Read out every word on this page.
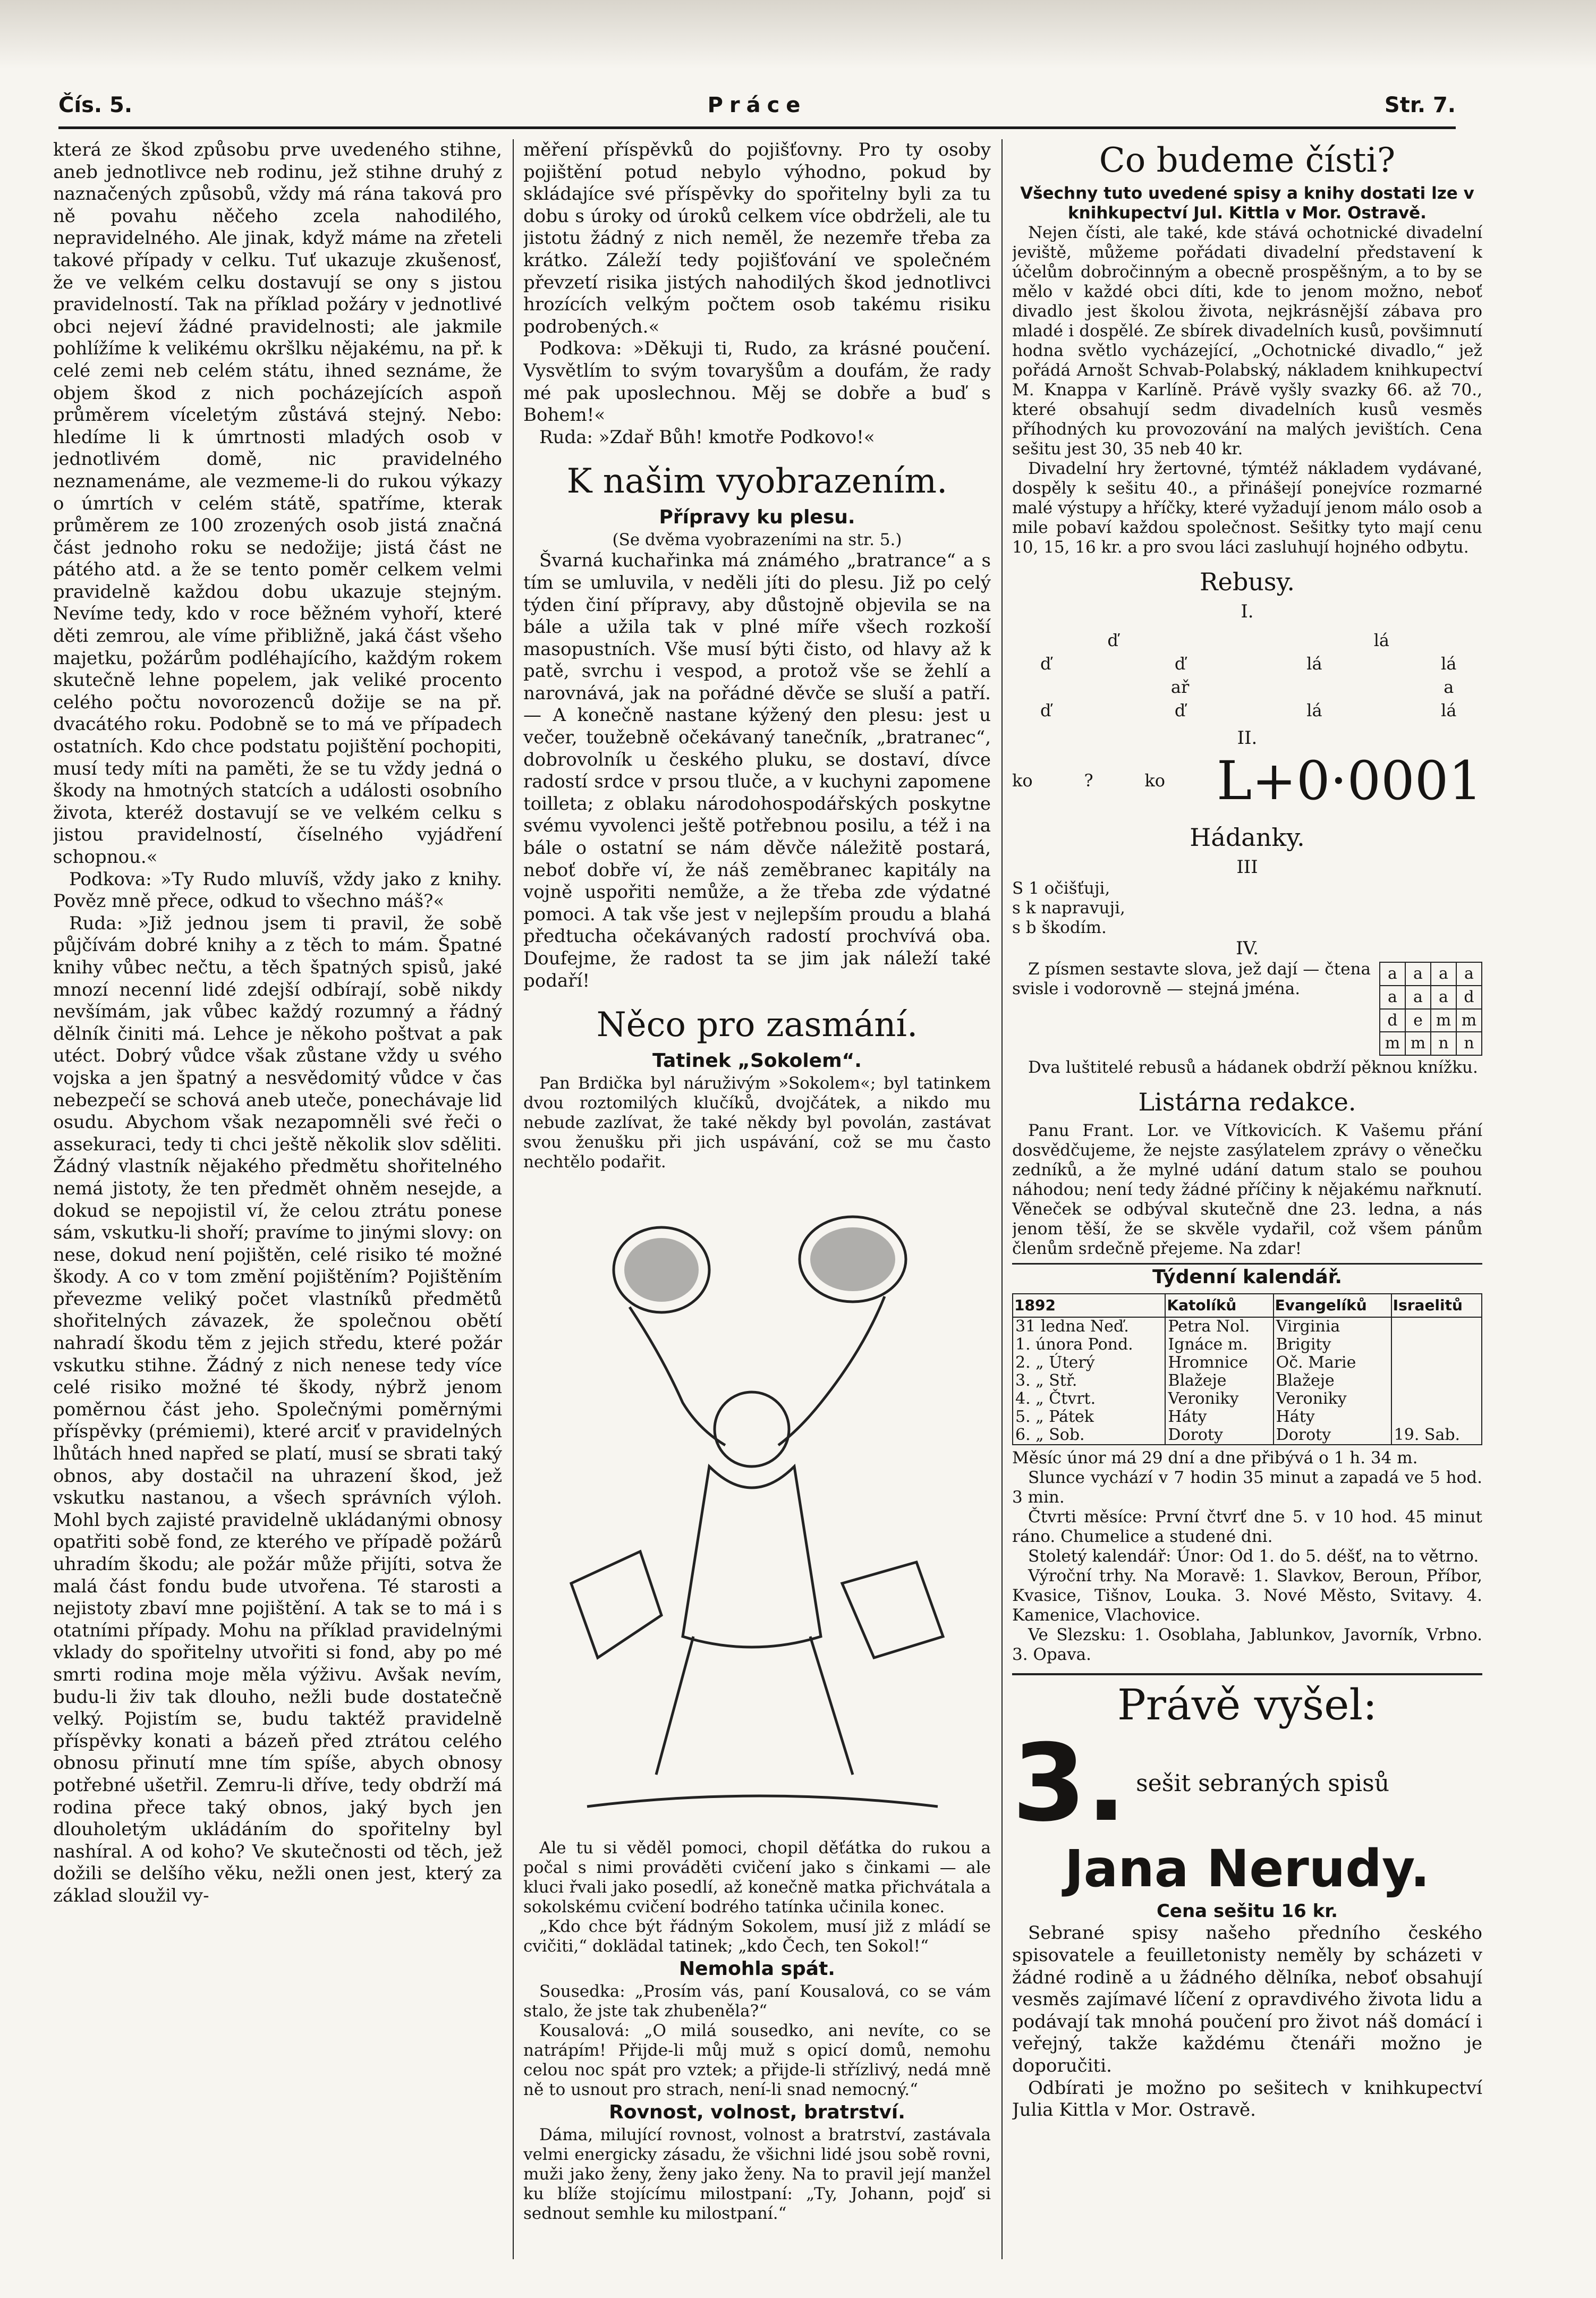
Čís. 5.	Práce	Str. 7.

která ze škod způsobu prve uvedeného stihne, aneb jednotlivce neb rodinu, jež stihne druhý z naznačených způsobů, vždy má rána taková pro ně povahu něčeho zcela nahodilého, nepravidelného. Ale jinak, když máme na zřeteli takové případy v celku. Tuť ukazuje zkušenosť, že ve velkém celku dostavují se ony s jistou pravidelností. Tak na příklad požáry v jednotlivé obci nejeví žádné pravidelnosti; ale jakmile pohlížíme k velikému okršlku nějakému, na př. k celé zemi neb celém státu, ihned seznáme, že objem škod z nich pocházejících aspoň průměrem víceletým zůstává stejný. Nebo: hledíme li k úmrtnosti mladých osob v jednotlivém domě, nic pravidelného neznamenáme, ale vezmeme-li do rukou výkazy o úmrtích v celém státě, spatříme, kterak průměrem ze 100 zrozených osob jistá značná část jednoho roku se nedožije; jistá část ne pátého atd. a že se tento poměr celkem velmi pravidelně každou dobu ukazuje stejným. Nevíme tedy, kdo v roce běžném vyhoří, které děti zemrou, ale víme přibližně, jaká část všeho majetku, požárům podléhajícího, každým rokem skutečně lehne popelem, jak veliké procento celého počtu novorozenců dožije se na př. dvacátého roku. Podobně se to má ve případech ostatních. Kdo chce podstatu pojištění pochopiti, musí tedy míti na paměti, že se tu vždy jedná o škody na hmotných statcích a události osobního života, kteréž dostavují se ve velkém celku s jistou pravidelností, číselného vyjádření schopnou.«

Podkova: »Ty Rudo mluvíš, vždy jako z knihy. Pověz mně přece, odkud to všechno máš?«

Ruda: »Již jednou jsem ti pravil, že sobě půjčívám dobré knihy a z těch to mám. Špatné knihy vůbec nečtu, a těch špatných spisů, jaké mnozí necenní lidé zdejší odbírají, sobě nikdy nevšímám, jak vůbec každý rozumný a řádný dělník činiti má. Lehce je někoho poštvat a pak utéct. Dobrý vůdce však zůstane vždy u svého vojska a jen špatný a nesvědomitý vůdce v čas nebezpečí se schová aneb uteče, ponechávaje lid osudu. Abychom však nezapomněli své řeči o assekuraci, tedy ti chci ještě několik slov sděliti. Žádný vlastník nějakého předmětu shořitelného nemá jistoty, že ten předmět ohněm nesejde, a dokud se nepojistil ví, že celou ztrátu ponese sám, vskutku-li shoří; pravíme to jinými slovy: on nese, dokud není pojištěn, celé risiko té možné škody. A co v tom změní pojištěním? Pojištěním převezme veliký počet vlastníků předmětů shořitelných závazek, že společnou obětí nahradí škodu těm z jejich středu, které požár vskutku stihne. Žádný z nich nenese tedy více celé risiko možné té škody, nýbrž jenom poměrnou část jeho. Společnými poměrnými příspěvky (prémiemi), které arciť v pravidelných lhůtách hned napřed se platí, musí se sbrati taký obnos, aby dostačil na uhrazení škod, jež vskutku nastanou, a všech správních výloh. Mohl bych zajisté pravidelně ukládanými obnosy opatřiti sobě fond, ze kterého ve případě požárů uhradím škodu; ale požár může přijíti, sotva že malá část fondu bude utvořena. Té starosti a nejistoty zbaví mne pojištění. A tak se to má i s otatními případy. Mohu na příklad pravidelnými vklady do spořitelny utvořiti si fond, aby po mé smrti rodina moje měla výživu. Avšak nevím, budu-li živ tak dlouho, nežli bude dostatečně velký. Pojistím se, budu taktéž pravidelně příspěvky konati a bázeň před ztrátou celého obnosu přinutí mne tím spíše, abych obnosy potřebné ušetřil. Zemru-li dříve, tedy obdrží má rodina přece taký obnos, jaký bych jen dlouholetým ukládáním do spořitelny byl nashíral. A od koho? Ve skutečnosti od těch, jež dožili se delšího věku, nežli onen jest, který za základ sloužil vy-

měření příspěvků do pojišťovny. Pro ty osoby pojištění potud nebylo výhodno, pokud by skládajíce své příspěvky do spořitelny byli za tu dobu s úroky od úroků celkem více obdrželi, ale tu jistotu žádný z nich neměl, že nezemře třeba za krátko. Záleží tedy pojišťování ve společném převzetí risika jistých nahodilých škod jednotlivci hrozících velkým počtem osob takému risiku podrobených.«

Podkova: »Děkuji ti, Rudo, za krásné poučení. Vysvětlím to svým tovaryšům a doufám, že rady mé pak uposlechnou. Měj se dobře a buď s Bohem!«

Ruda: »Zdař Bůh! kmotře Podkovo!«

K našim vyobrazením.
Přípravy ku plesu.
(Se dvěma vyobrazeními na str. 5.)

Švarná kuchařinka má známého „bratrance“ a s tím se umluvila, v neděli jíti do plesu. Již po celý týden činí přípravy, aby důstojně objevila se na bále a užila tak v plné míře všech rozkoší masopustních. Vše musí býti čisto, od hlavy až k patě, svrchu i vespod, a protož vše se žehlí a narovnává, jak na pořádné děvče se sluší a patří. — A konečně nastane kýžený den plesu: jest u večer, toužebně očekávaný tanečník, „bratranec“, dobrovolník u českého pluku, se dostaví, dívce radostí srdce v prsou tluče, a v kuchyni zapomene toilleta; z oblaku národohospodářských poskytne svému vyvolenci ještě potřebnou posilu, a též i na bále o ostatní se nám děvče náležitě postará, neboť dobře ví, že náš zeměbranec kapitály na vojně uspořiti nemůže, a že třeba zde výdatné pomoci. A tak vše jest v nejlepším proudu a blahá předtucha očekávaných radostí prochvívá oba. Doufejme, že radost ta se jim jak náleží také podaří!

Něco pro zasmání.
Tatinek „Sokolem“.

Pan Brdička byl náruživým »Sokolem«; byl tatinkem dvou roztomilých klučíků, dvojčátek, a nikdo mu nebude zazlívat, že také někdy byl povolán, zastávat svou ženušku při jich uspávání, což se mu často nechtělo podařit.

Ale tu si věděl pomoci, chopil děťátka do rukou a počal s nimi prováděti cvičení jako s činkami — ale kluci řvali jako posedlí, až konečně matka přichvátala a sokolskému cvičení bodrého tatínka učinila konec.

„Kdo chce být řádným Sokolem, musí již z mládí se cvičiti,“ doklädal tatinek; „kdo Čech, ten Sokol!“

Nemohla spát.

Sousedka: „Prosím vás, paní Kousalová, co se vám stalo, že jste tak zhubeněla?“

Kousalová: „O milá sousedko, ani nevíte, co se natrápím! Přijde-li můj muž s opicí domů, nemohu celou noc spát pro vztek; a přijde-li střízlivý, nedá mně ně to usnout pro strach, není-li snad nemocný.“

Rovnost, volnost, bratrství.

Dáma, milující rovnost, volnost a bratrství, zastávala velmi energicky zásadu, že všichni lidé jsou sobě rovni, muži jako ženy, ženy jako ženy. Na to pravil její manžel ku blíže stojícímu milostpaní: „Ty, Johann, pojď si sednout semhle ku milostpaní.“

Co budeme čísti?

Všechny tuto uvedené spisy a knihy dostati lze v knihkupectví Jul. Kittla v Mor. Ostravě.

Nejen čísti, ale také, kde stává ochotnické divadelní jeviště, můžeme pořádati divadelní představení k účelům dobročinným a obecně prospěšným, a to by se mělo v každé obci díti, kde to jenom možno, neboť divadlo jest školou života, nejkrásnější zábava pro mladé i dospělé. Ze sbírek divadelních kusů, povšimnutí hodna světlo vycházející, „Ochotnické divadlo,“ jež pořádá Arnošt Schvab-Polabský, nákladem knihkupectví M. Knappa v Karlíně. Právě vyšly svazky 66. až 70., které obsahují sedm divadelních kusů vesměs příhodných ku provozování na malých jevištích. Cena sešitu jest 30, 35 neb 40 kr.

Divadelní hry žertovné, týmtéž nákladem vydávané, dospěly k sešitu 40., a přinášejí ponejvíce rozmarné malé výstupy a hříčky, které vyžadují jenom málo osob a mile pobaví každou společnost. Sešitky tyto mají cenu 10, 15, 16 kr. a pro svou láci zasluhují hojného odbytu.

Rebusy.
I.
ď	lá
ď	ď	lá	lá
ař	a
ď	ď	lá	lá
II.
ko	?	ko L+0·0001
Hádanky.
III

S 1 očišťuji,

s k napravuji,

s b škodím.

IV.
a	a	a	a
a	a	a	d
d	e	m	m
m	m	n	n

Z písmen sestavte slova, jež dají — čtena svisle i vodorovně — stejná jména.

Dva luštitelé rebusů a hádanek obdrží pěknou knížku.

Listárna redakce.

Panu Frant. Lor. ve Vítkovicích. K Vašemu přání dosvědčujeme, že nejste zasýlatelem zprávy o věnečku zedníků, a že mylné udání datum stalo se pouhou náhodou; není tedy žádné příčiny k nějakému nařknutí. Věneček se odbýval skutečně dne 23. ledna, a nás jenom těší, že se skvěle vydařil, což všem pánům členům srdečně přejeme. Na zdar!

Týdenní kalendář.
1892	Katolíků	Evangelíků	Israelitů
31 ledna Neď.	Petra Nol.	Virginia	
1. února Pond.	Ignáce m.	Brigity	
2. „ Úterý	Hromnice	Oč. Marie	
3. „ Stř.	Blažeje	Blažeje	
4. „ Čtvrt.	Veroniky	Veroniky	
5. „ Pátek	Háty	Háty	
6. „ Sob.	Doroty	Doroty	19. Sab.

Měsíc únor má 29 dní a dne přibývá o 1 h. 34 m.

Slunce vychází v 7 hodin 35 minut a zapadá ve 5 hod. 3 min.

Čtvrti měsíce: První čtvrť dne 5. v 10 hod. 45 minut ráno. Chumelice a studené dni.

Stoletý kalendář: Únor: Od 1. do 5. déšť, na to větrno.

Výroční trhy. Na Moravě: 1. Slavkov, Beroun, Příbor, Kvasice, Tišnov, Louka. 3. Nové Město, Svitavy. 4. Kamenice, Vlachovice.

Ve Slezsku: 1. Osoblaha, Jablunkov, Javorník, Vrbno. 3. Opava.

Právě vyšel:
3. sešit sebraných spisů
Jana Nerudy.
Cena sešitu 16 kr.

Sebrané spisy našeho předního českého spisovatele a feuilletonisty neměly by scházeti v žádné rodině a u žádného dělníka, neboť obsahují vesměs zajímavé líčení z opravdivého života lidu a podávají tak mnohá poučení pro život náš domácí i veřejný, takže každému čtenáři možno je doporučiti.

Odbírati je možno po sešitech v knihkupectví Julia Kittla v Mor. Ostravě.
